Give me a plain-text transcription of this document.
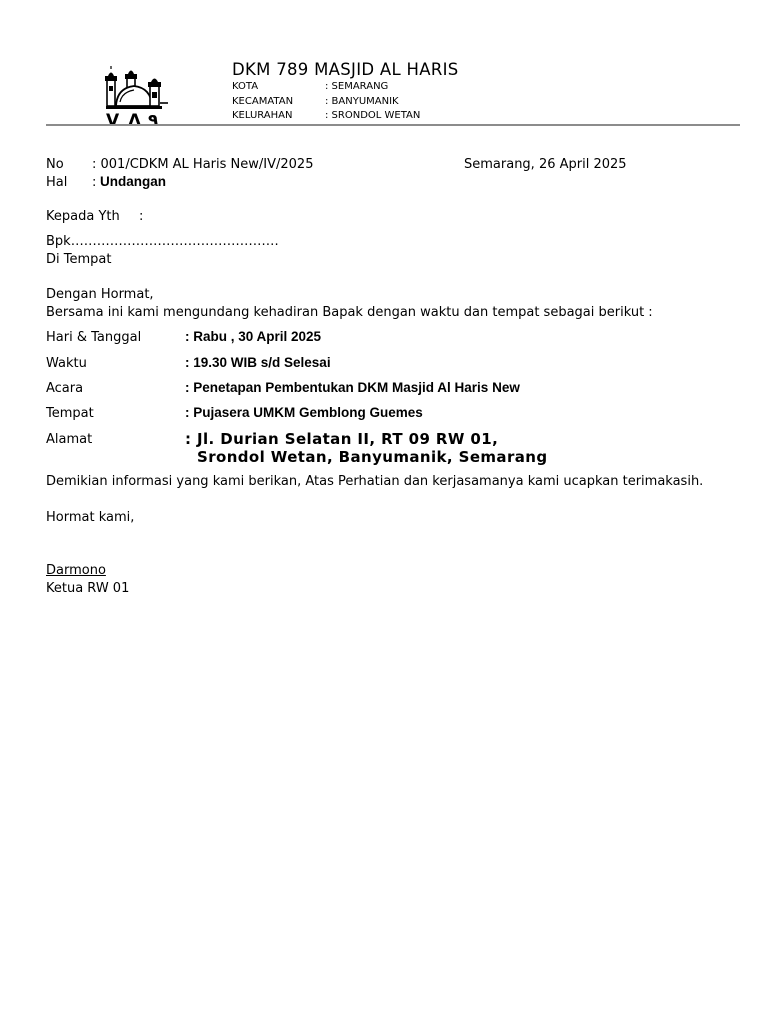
V Λ ٩
DKM 789 MASJID AL HARIS
KOTA	: SEMARANG
KECAMATAN	: BANYUMANIK
KELURAHAN	: SRONDOL WETAN
No : 001/CDKM AL Haris New/IV/2025	Semarang, 26 April 2025
Hal : Undangan
Kepada Yth :
Bpk…………………………………………
Di Tempat
Dengan Hormat,
Bersama ini kami mengundang kehadiran Bapak dengan waktu dan tempat sebagai berikut :
Hari & Tanggal	: Rabu , 30 April 2025
Waktu	: 19.30 WIB s/d Selesai
Acara	: Penetapan Pembentukan DKM Masjid Al Haris New
Tempat	: Pujasera UMKM Gemblong Guemes
Alamat	: Jl. Durian Selatan II, RT 09 RW 01,
Srondol Wetan, Banyumanik, Semarang
Demikian informasi yang kami berikan, Atas Perhatian dan kerjasamanya kami ucapkan terimakasih.
Hormat kami,
Darmono
Ketua RW 01
